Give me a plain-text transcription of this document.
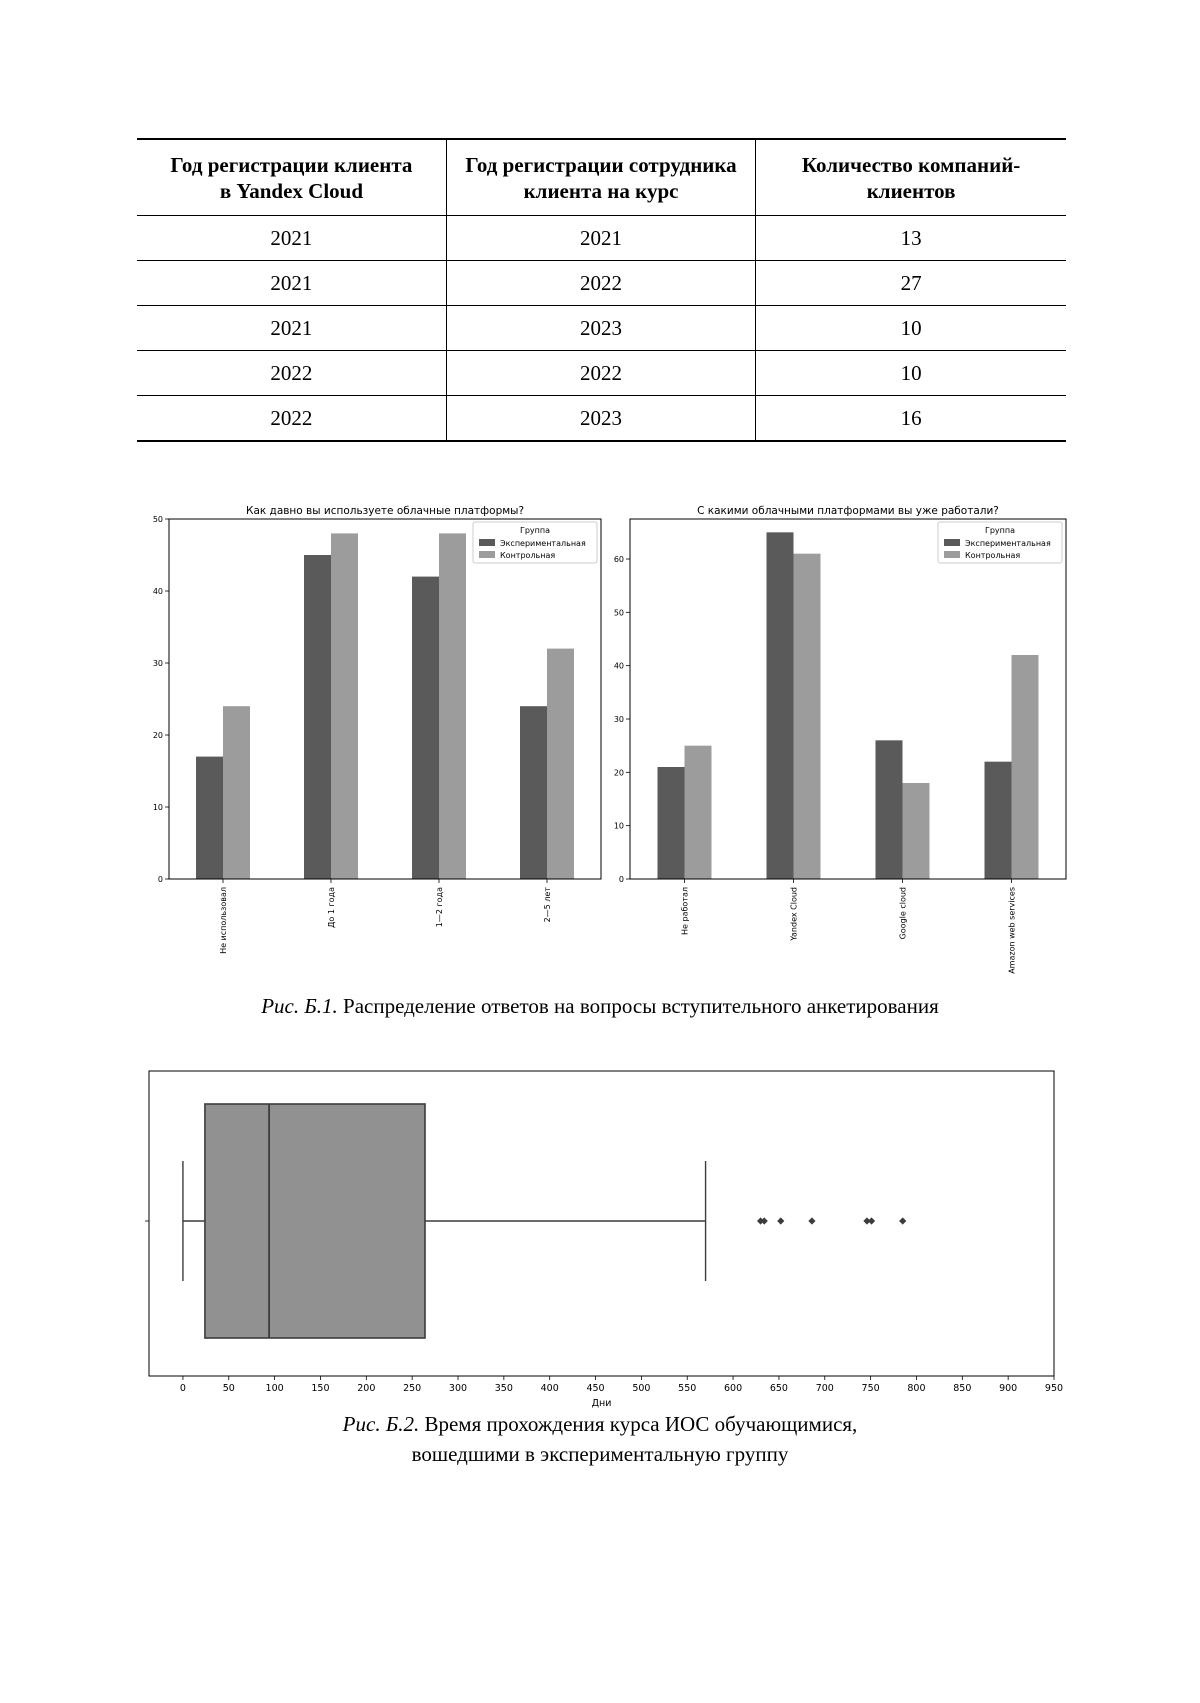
Год регистрации клиента
в Yandex Cloud	Год регистрации сотрудника
клиента на курс	Количество компаний-
клиентов
2021	2021	13
2021	2022	27
2021	2023	10
2022	2022	10
2022	2023	16
Как давно вы используете облачные платформы?
0
10
20
30
40
50
Не использовал	До 1 года	1—2 года	2—5 лет
Группа
Экспериментальная
Контрольная
С какими облачными платформами вы уже работали?
0
10
20
30
40
50
60
Не работал	Yandex Cloud	Google cloud	Amazon web services
Группа
Экспериментальная
Контрольная
Рис. Б.1. Распределение ответов на вопросы вступительного анкетирования
0	50	100	150	200	250	300	350	400	450	500	550	600	650	700	750	800	850	900	950
Дни
Рис. Б.2. Время прохождения курса ИОС обучающимися,
вошедшими в экспериментальную группу
